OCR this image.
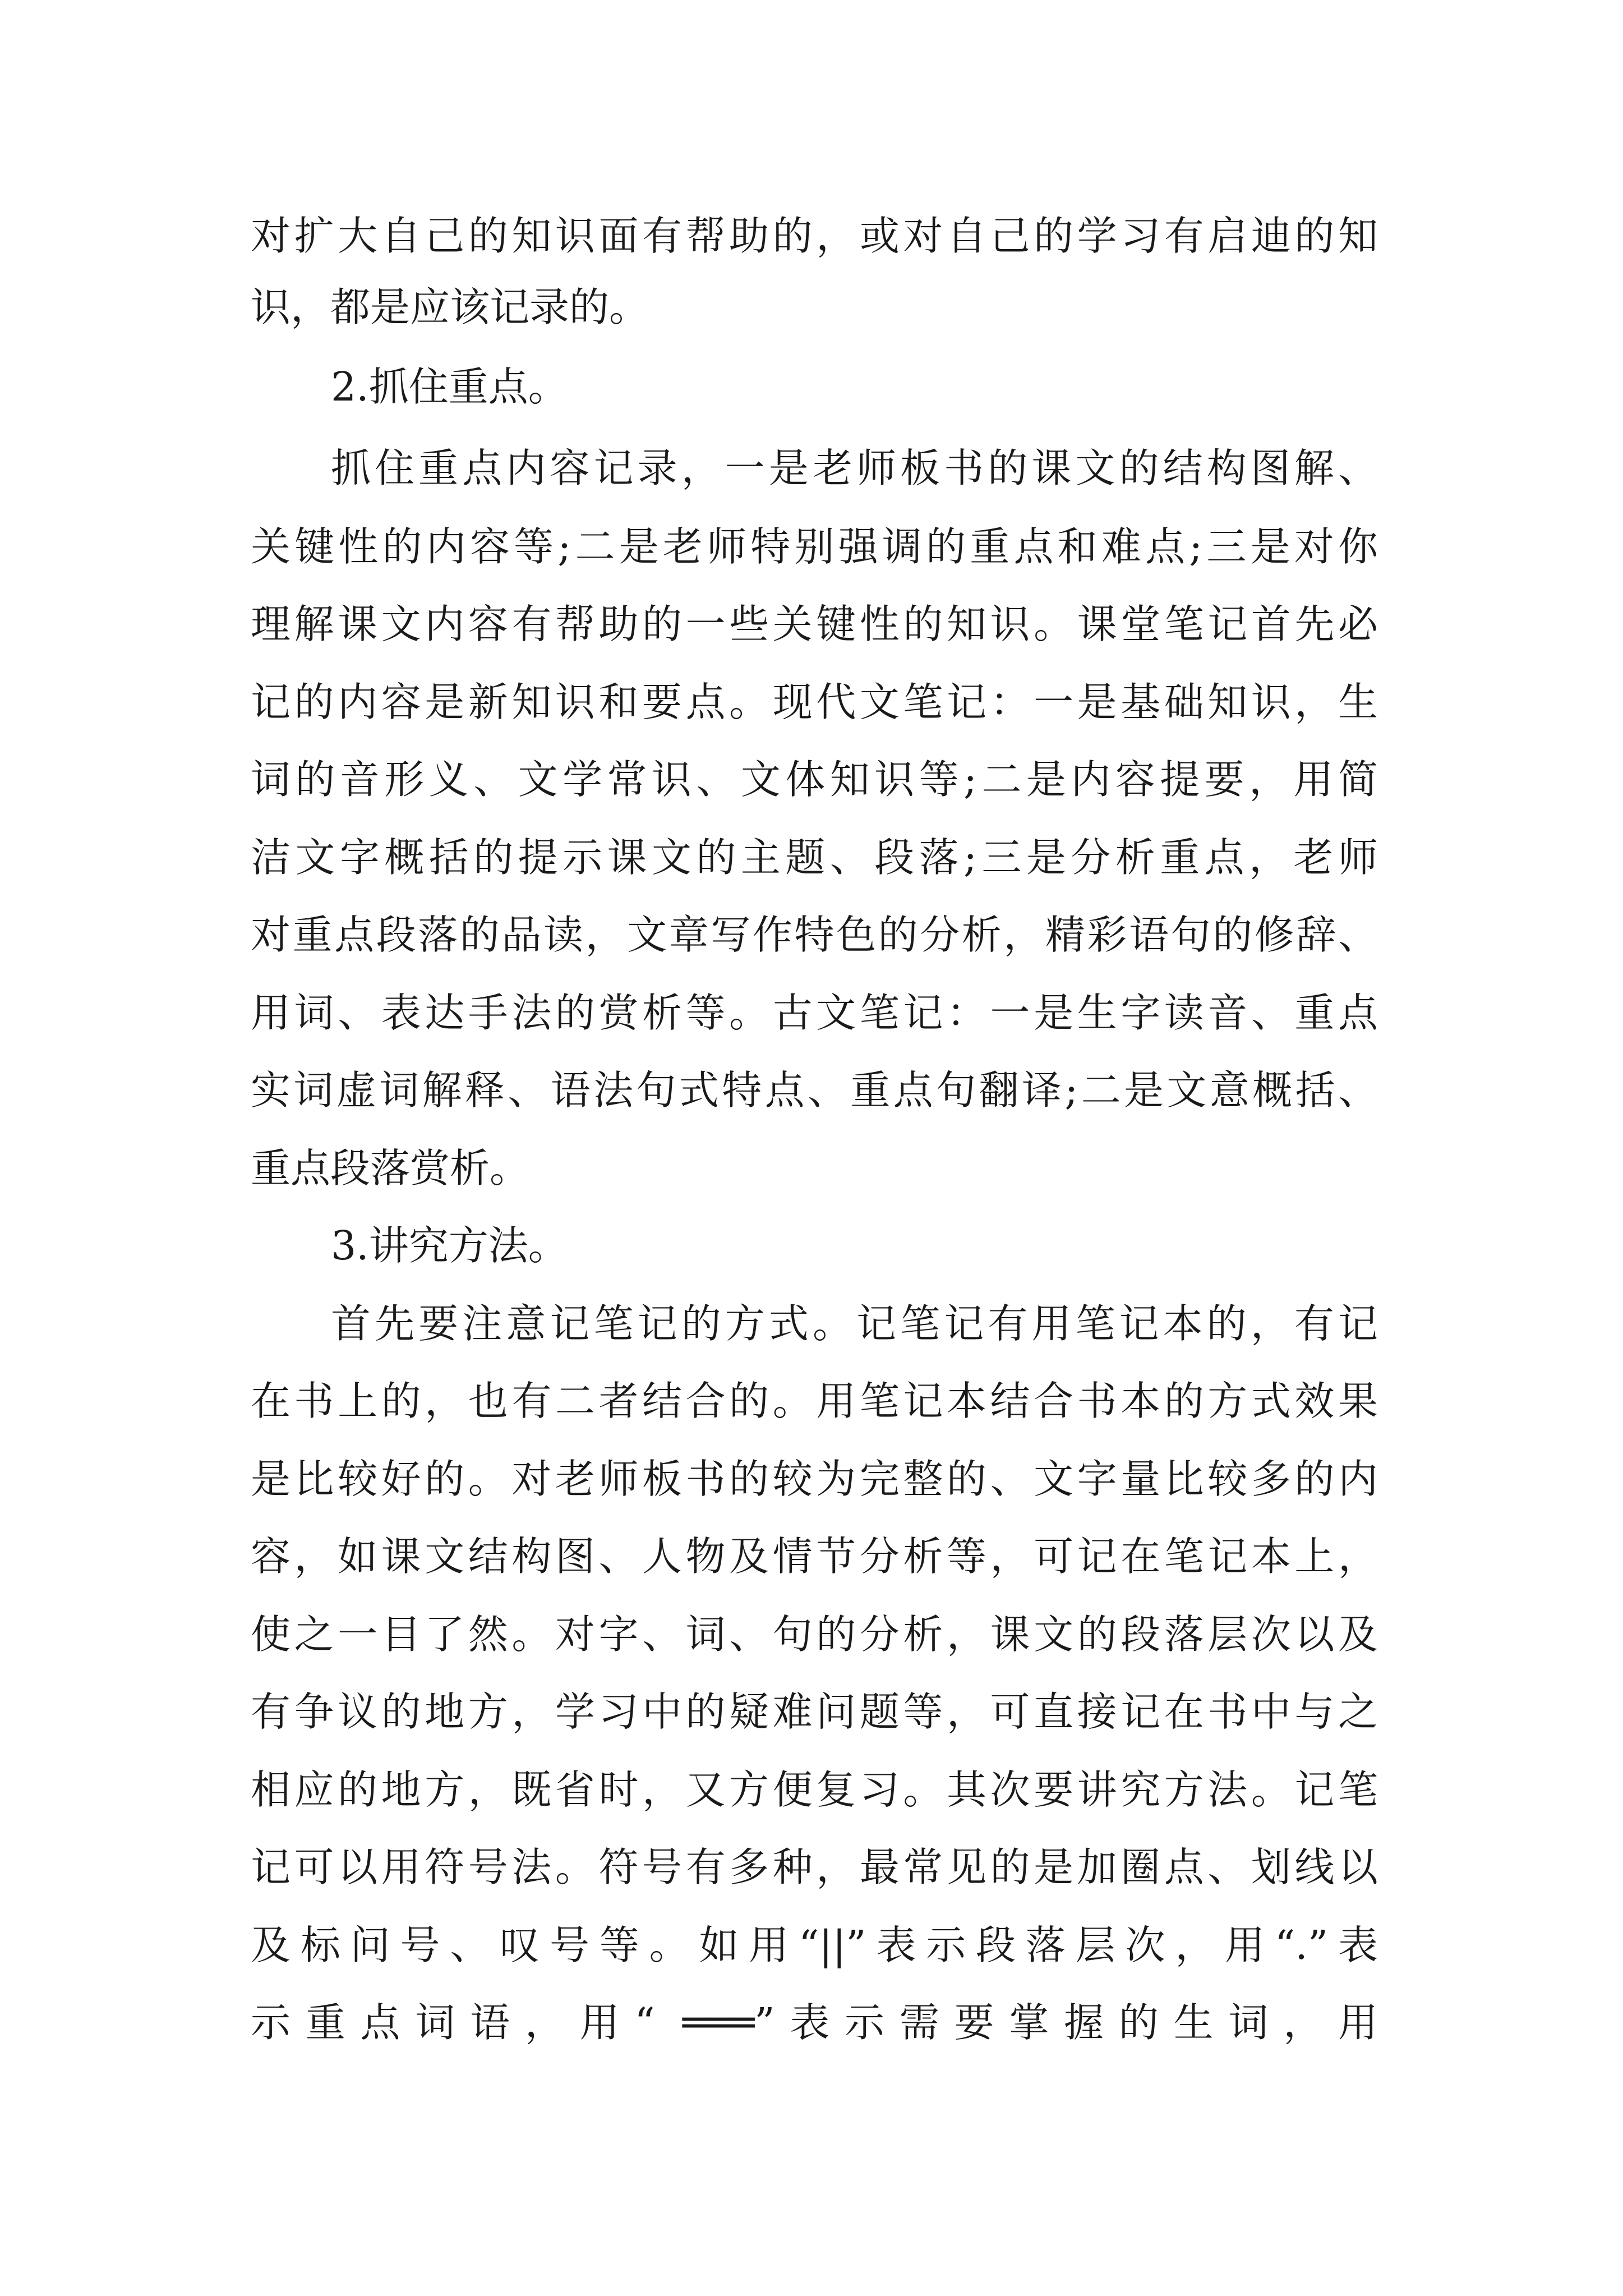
对扩大自己的知识面有帮助的，或对自己的学习有启迪的知
识，都是应该记录的。
2.抓住重点。
抓住重点内容记录，一是老师板书的课文的结构图解、
关键性的内容等;二是老师特别强调的重点和难点;三是对你
理解课文内容有帮助的一些关键性的知识。课堂笔记首先必
记的内容是新知识和要点。现代文笔记：一是基础知识，生
词的音形义、文学常识、文体知识等;二是内容提要，用简
洁文字概括的提示课文的主题、段落;三是分析重点，老师
对重点段落的品读，文章写作特色的分析，精彩语句的修辞、
用词、表达手法的赏析等。古文笔记：一是生字读音、重点
实词虚词解释、语法句式特点、重点句翻译;二是文意概括、
重点段落赏析。
3.讲究方法。
首先要注意记笔记的方式。记笔记有用笔记本的，有记
在书上的，也有二者结合的。用笔记本结合书本的方式效果
是比较好的。对老师板书的较为完整的、文字量比较多的内
容，如课文结构图、人物及情节分析等，可记在笔记本上，
使之一目了然。对字、词、句的分析，课文的段落层次以及
有争议的地方，学习中的疑难问题等，可直接记在书中与之
相应的地方，既省时，又方便复习。其次要讲究方法。记笔
记可以用符号法。符号有多种，最常见的是加圈点、划线以
及标问号、叹号等。如用“||”表示段落层次，用“.”表
示重点词语，用“ ═══”表示需要掌握的生词，用
